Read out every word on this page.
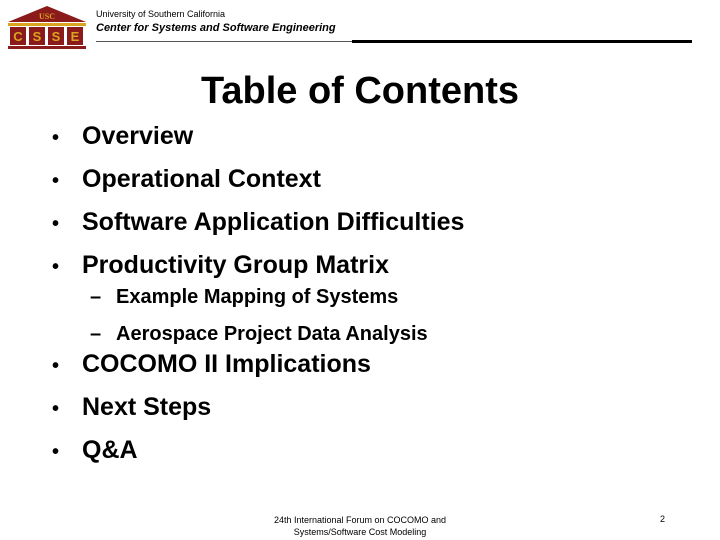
USC
C S S E
University of Southern California
Center for Systems and Software Engineering
Table of Contents
• Overview
• Operational Context
• Software Application Difficulties
• Productivity Group Matrix
– Example Mapping of Systems
– Aerospace Project Data Analysis
• COCOMO II Implications
• Next Steps
• Q&A
24th International Forum on COCOMO and
Systems/Software Cost Modeling
2
